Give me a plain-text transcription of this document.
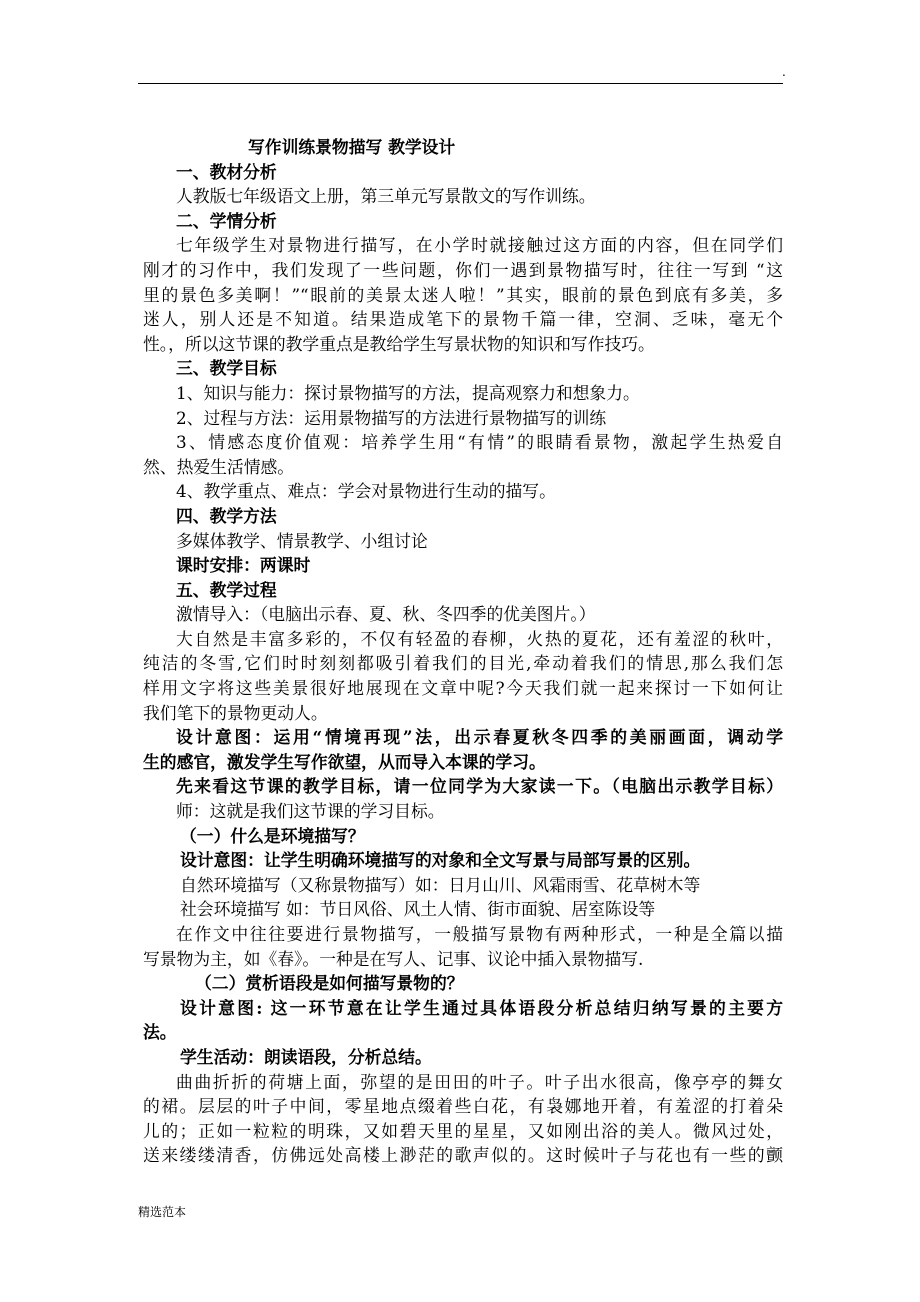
.
写作训练景物描写 教学设计
一、教材分析
人教版七年级语文上册，第三单元写景散文的写作训练。
二、学情分析
七年级学生对景物进行描写，在小学时就接触过这方面的内容，但在同学们
刚才的习作中，我们发现了一些问题，你们一遇到景物描写时，往往一写到 “这
里的景色多美啊！”“眼前的美景太迷人啦！”其实，眼前的景色到底有多美，多
迷人，别人还是不知道。结果造成笔下的景物千篇一律，空洞、乏味，毫无个
性。，所以这节课的教学重点是教给学生写景状物的知识和写作技巧。
三、教学目标
1、知识与能力：探讨景物描写的方法，提高观察力和想象力。
2、过程与方法：运用景物描写的方法进行景物描写的训练
3、情感态度价值观：培养学生用“有情”的眼睛看景物，激起学生热爱自
然、热爱生活情感。
4、教学重点、难点：学会对景物进行生动的描写。
四、教学方法
多媒体教学、情景教学、小组讨论
课时安排：两课时
五、教学过程
激情导入：（电脑出示春、夏、秋、冬四季的优美图片。）
大自然是丰富多彩的，不仅有轻盈的春柳，火热的夏花，还有羞涩的秋叶，
纯洁的冬雪,它们时时刻刻都吸引着我们的目光,牵动着我们的情思,那么我们怎
样用文字将这些美景很好地展现在文章中呢?今天我们就一起来探讨一下如何让
我们笔下的景物更动人。
设计意图：运用“情境再现”法，出示春夏秋冬四季的美丽画面，调动学
生的感官，激发学生写作欲望，从而导入本课的学习。
先来看这节课的教学目标，请一位同学为大家读一下。（电脑出示教学目标）
师：这就是我们这节课的学习目标。
（一）什么是环境描写？
设计意图：让学生明确环境描写的对象和全文写景与局部写景的区别。
自然环境描写（又称景物描写）如：日月山川、风霜雨雪、花草树木等
社会环境描写 如：节日风俗、风土人情、街市面貌、居室陈设等
在作文中往往要进行景物描写，一般描写景物有两种形式，一种是全篇以描
写景物为主，如《春》。一种是在写人、记事、议论中插入景物描写.
（二）赏析语段是如何描写景物的？
设计意图: 这一环节意在让学生通过具体语段分析总结归纳写景的主要方
法。
学生活动：朗读语段，分析总结。
曲曲折折的荷塘上面，弥望的是田田的叶子。叶子出水很高，像亭亭的舞女
的裙。层层的叶子中间，零星地点缀着些白花，有袅娜地开着，有羞涩的打着朵
儿的；正如一粒粒的明珠，又如碧天里的星星，又如刚出浴的美人。微风过处，
送来缕缕清香，仿佛远处高楼上渺茫的歌声似的。这时候叶子与花也有一些的颤
精选范本
